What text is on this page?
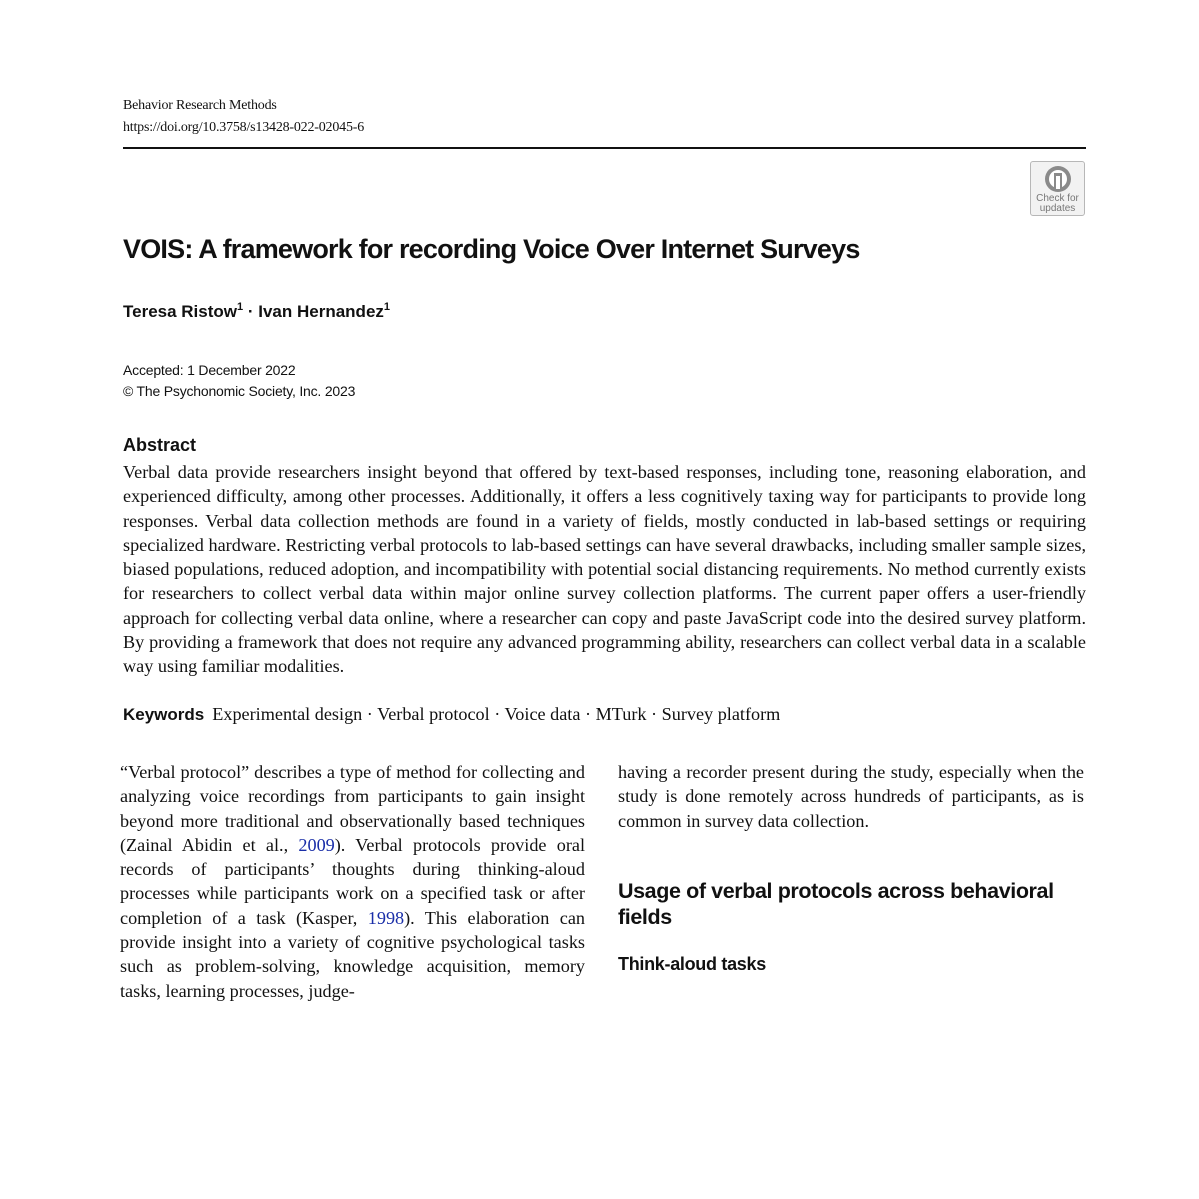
Behavior Research Methods
https://doi.org/10.3758/s13428-022-02045-6
Check for
updates
VOIS: A framework for recording Voice Over Internet Surveys
Teresa Ristow$^1$ · Ivan Hernandez$^1$
Accepted: 1 December 2022
© The Psychonomic Society, Inc. 2023
Abstract

Verbal data provide researchers insight beyond that offered by text-based responses, including tone, reasoning elaboration, and experienced difficulty, among other processes. Additionally, it offers a less cognitively taxing way for participants to provide long responses. Verbal data collection methods are found in a variety of fields, mostly conducted in lab-based settings or requiring specialized hardware. Restricting verbal protocols to lab-based settings can have several drawbacks, including smaller sample sizes, biased populations, reduced adoption, and incompatibility with potential social distancing requirements. No method currently exists for researchers to collect verbal data within major online survey collection platforms. The current paper offers a user-friendly approach for collecting verbal data online, where a researcher can copy and paste JavaScript code into the desired survey platform. By providing a framework that does not require any advanced programming ability, researchers can collect verbal data in a scalable way using familiar modalities.

Keywords Experimental design · Verbal protocol · Voice data · MTurk · Survey platform

“Verbal protocol” describes a type of method for collecting and analyzing voice recordings from participants to gain insight beyond more traditional and observationally based techniques (Zainal Abidin et al., 2009). Verbal protocols provide oral records of participants’ thoughts during thinking-aloud processes while participants work on a specified task or after completion of a task (Kasper, 1998). This elaboration can provide insight into a variety of cognitive psychological tasks such as problem-solving, knowledge acquisition, memory tasks, learning processes, judge-

having a recorder present during the study, especially when the study is done remotely across hundreds of participants, as is common in survey data collection.

Usage of verbal protocols across behavioral fields
Think-aloud tasks
